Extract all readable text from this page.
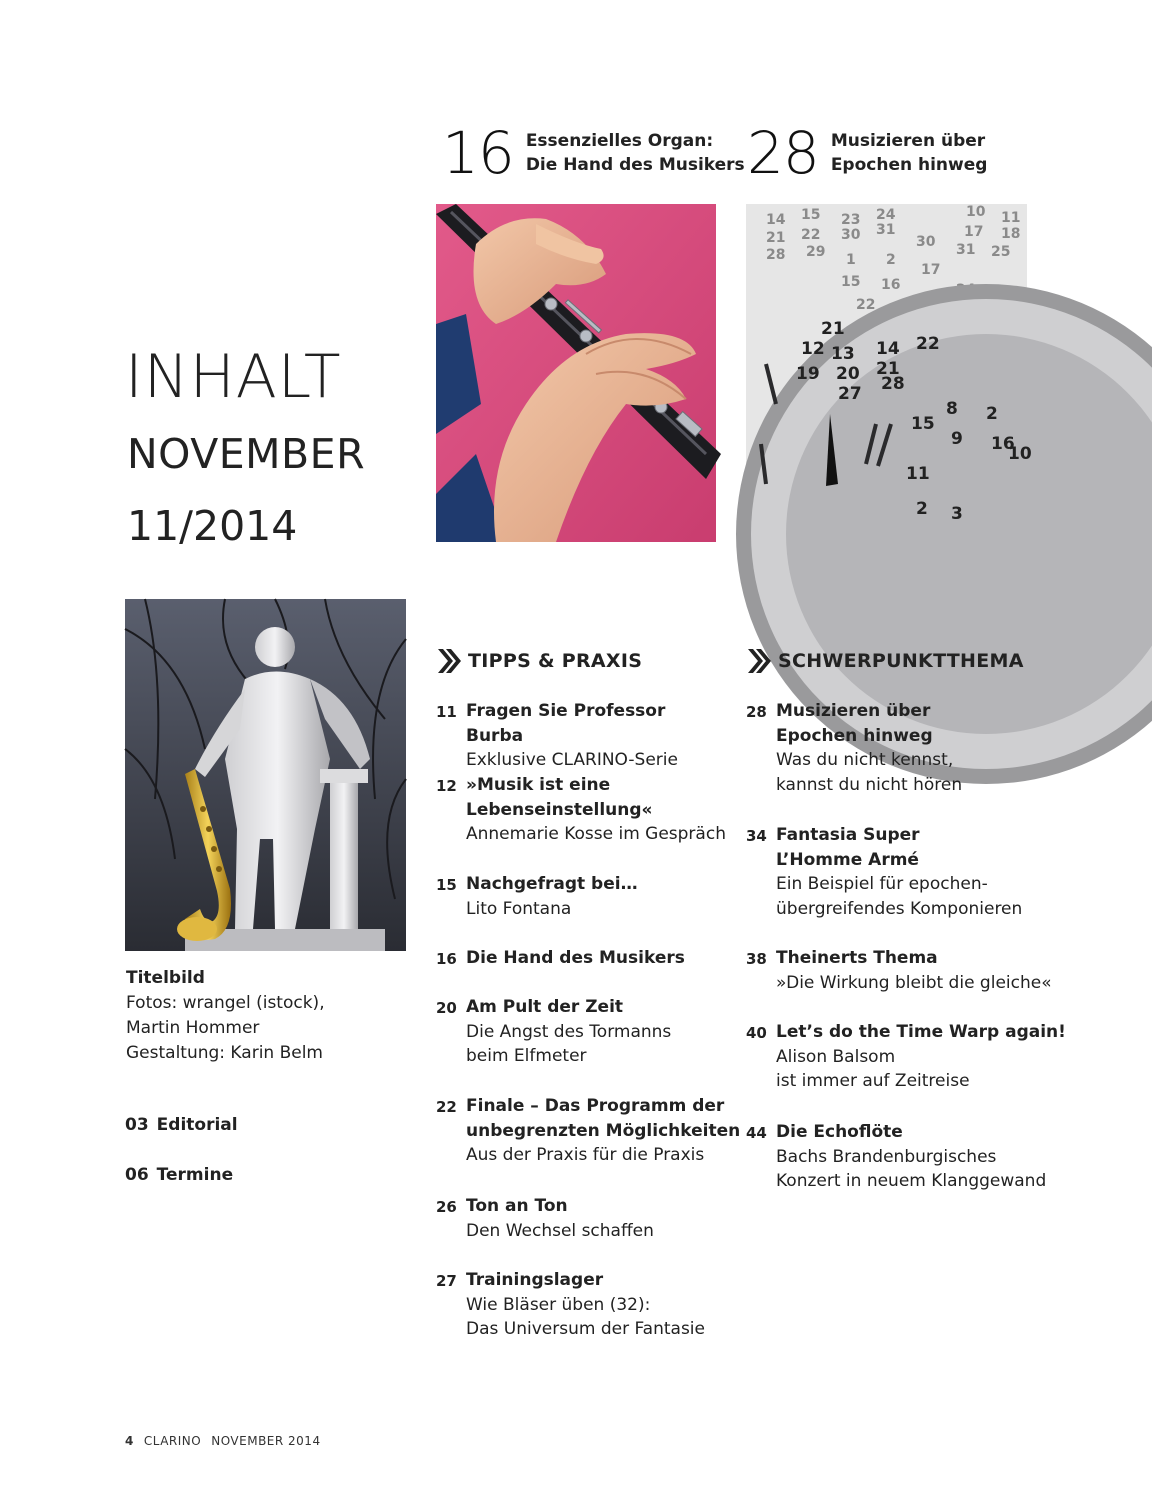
INHALT
NOVEMBER
11/2014
16 Essenzielles Organ:
Die Hand des Musikers 28 Musizieren über
Epochen hinweg
14 15 23 24	10 11
21 22 30 31	17 18
28 29
30 31 25
1 2
17
15 16
22
12
21
13 14 22
19 20 21
27 28
15
8 2
9 16
10
11
2 3
Titelbild
Fotos: wrangel (istock),
Martin Hommer
Gestaltung: Karin Belm
03 Editorial
06 Termine
TIPPS & PRAXIS
11 Fragen Sie Professor Burba
Exklusive CLARINO-Serie
12 »Musik ist eine
Lebenseinstellung«
Annemarie Kosse im Gespräch
15 Nachgefragt bei…
Lito Fontana
16 Die Hand des Musikers
20 Am Pult der Zeit
Die Angst des Tormanns
beim Elfmeter
22 Finale – Das Programm der
unbegrenzten Möglichkeiten
Aus der Praxis für die Praxis
26 Ton an Ton
Den Wechsel schaffen
27 Trainingslager
Wie Bläser üben (32):
Das Universum der Fantasie
SCHWERPUNKTTHEMA
28 Musizieren über
Epochen hinweg
Was du nicht kennst,
kannst du nicht hören
34 Fantasia Super
L’Homme Armé
Ein Beispiel für epochen-
übergreifendes Komponieren
38 Theinerts Thema
»Die Wirkung bleibt die gleiche«
40 Let’s do the Time Warp again!
Alison Balsom
ist immer auf Zeitreise
44 Die Echoflöte
Bachs Brandenburgisches
Konzert in neuem Klanggewand
4 CLARINO NOVEMBER 2014
